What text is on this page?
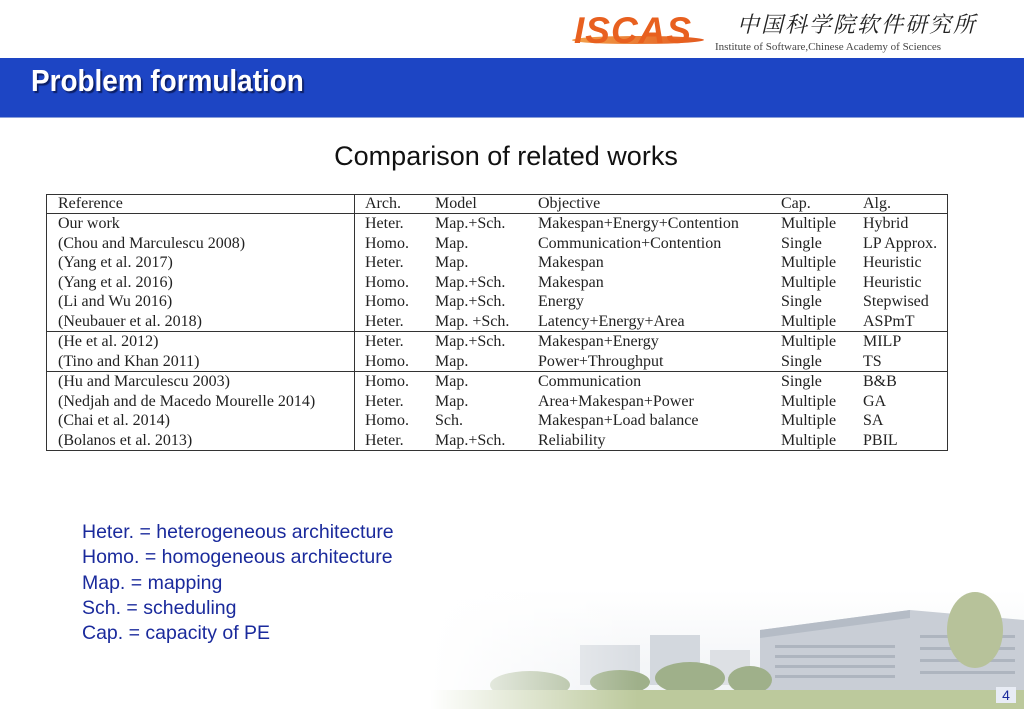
ISCAS 中国科学院软件研究所
Institute of Software,Chinese Academy of Sciences
Problem formulation
Comparison of related works
Reference	Arch.	Model	Objective	Cap.	Alg.
Our work	Heter.	Map.+Sch.	Makespan+Energy+Contention	Multiple	Hybrid
(Chou and Marculescu 2008)	Homo.	Map.	Communication+Contention	Single	LP Approx.
(Yang et al. 2017)	Heter.	Map.	Makespan	Multiple	Heuristic
(Yang et al. 2016)	Homo.	Map.+Sch.	Makespan	Multiple	Heuristic
(Li and Wu 2016)	Homo.	Map.+Sch.	Energy	Single	Stepwised
(Neubauer et al. 2018)	Heter.	Map. +Sch.	Latency+Energy+Area	Multiple	ASPmT
(He et al. 2012)	Heter.	Map.+Sch.	Makespan+Energy	Multiple	MILP
(Tino and Khan 2011)	Homo.	Map.	Power+Throughput	Single	TS
(Hu and Marculescu 2003)	Homo.	Map.	Communication	Single	B&B
(Nedjah and de Macedo Mourelle 2014)	Heter.	Map.	Area+Makespan+Power	Multiple	GA
(Chai et al. 2014)	Homo.	Sch.	Makespan+Load balance	Multiple	SA
(Bolanos et al. 2013)	Heter.	Map.+Sch.	Reliability	Multiple	PBIL
Heter. = heterogeneous architecture
Homo. = homogeneous architecture
Map. = mapping
Sch. = scheduling
Cap. = capacity of PE
4
